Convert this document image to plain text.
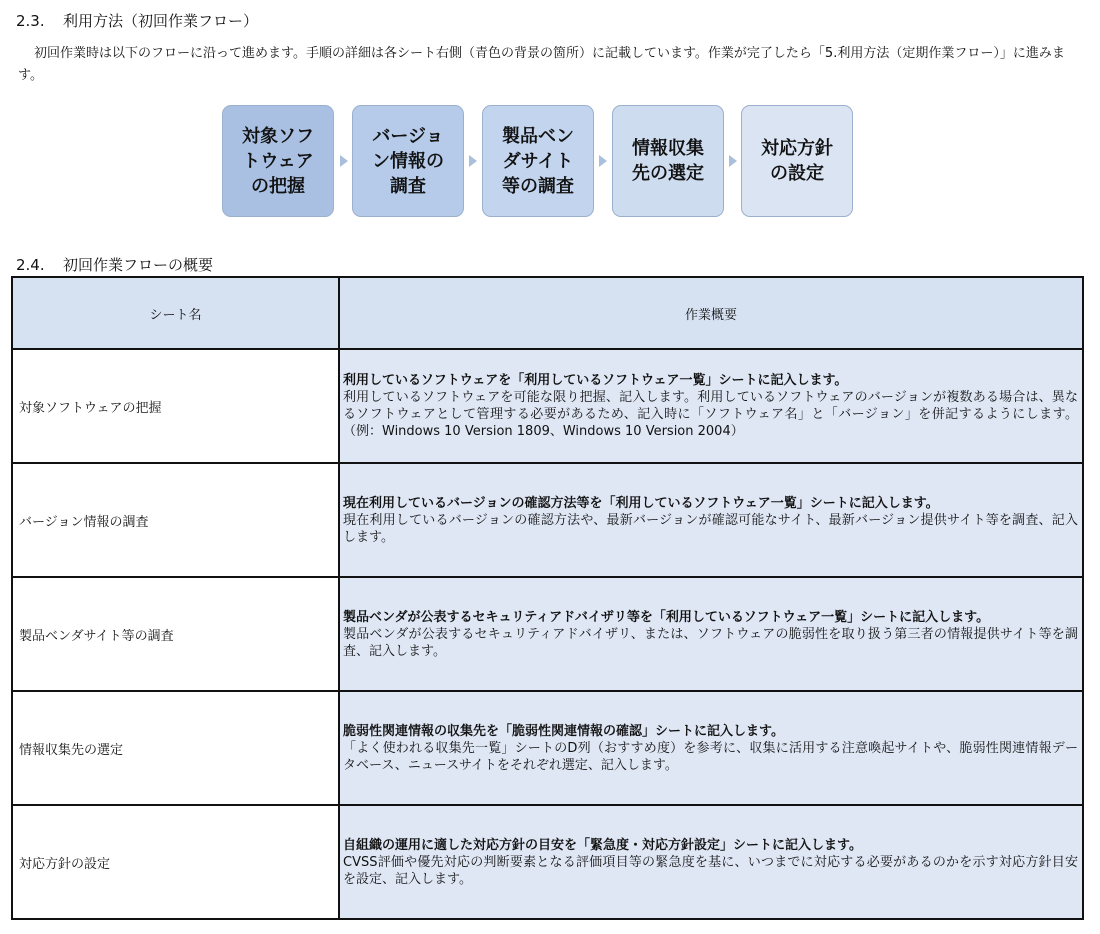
2.3. 利用方法（初回作業フロー）
初回作業時は以下のフローに沿って進めます。手順の詳細は各シート右側（青色の背景の箇所）に記載しています。作業が完了したら「5.利用方法（定期作業フロー）」に進みます。
対象ソフ
トウェア
の把握
バージョ
ン情報の
調査
製品ベン
ダサイト
等の調査
情報収集
先の選定
対応方針
の設定
2.4. 初回作業フローの概要
シート名	作業概要
対象ソフトウェアの把握	利用しているソフトウェアを「利用しているソフトウェア一覧」シートに記入します。
利用しているソフトウェアを可能な限り把握、記入します。利用しているソフトウェアのバージョンが複数ある場合は、異なるソフトウェアとして管理する必要があるため、記入時に「ソフトウェア名」と「バージョン」を併記するようにします。（例：Windows 10 Version 1809、Windows 10 Version 2004）

バージョン情報の調査	現在利用しているバージョンの確認方法等を「利用しているソフトウェア一覧」シートに記入します。
現在利用しているバージョンの確認方法や、最新バージョンが確認可能なサイト、最新バージョン提供サイト等を調査、記入します。

製品ベンダサイト等の調査	製品ベンダが公表するセキュリティアドバイザリ等を「利用しているソフトウェア一覧」シートに記入します。
製品ベンダが公表するセキュリティアドバイザリ、または、ソフトウェアの脆弱性を取り扱う第三者の情報提供サイト等を調査、記入します。

情報収集先の選定	脆弱性関連情報の収集先を「脆弱性関連情報の確認」シートに記入します。
「よく使われる収集先一覧」シートのD列（おすすめ度）を参考に、収集に活用する注意喚起サイトや、脆弱性関連情報データベース、ニュースサイトをそれぞれ選定、記入します。

対応方針の設定	自組織の運用に適した対応方針の目安を「緊急度・対応方針設定」シートに記入します。
CVSS評価や優先対応の判断要素となる評価項目等の緊急度を基に、いつまでに対応する必要があるのかを示す対応方針目安を設定、記入します。
